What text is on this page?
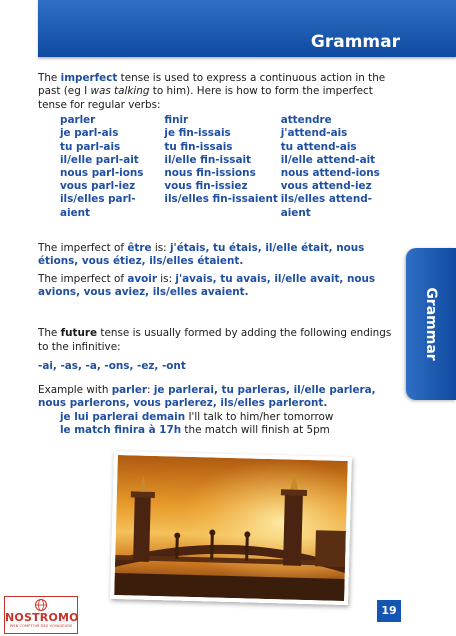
Grammar

The imperfect tense is used to express a continuous action in the past (eg I was talking to him). Here is how to form the imperfect tense for regular verbs:

parler
je parl-ais
tu parl-ais
il/elle parl-ait
nous parl-ions
vous parl-iez
ils/elles parl-aient
finir
je fin-issais
tu fin-issais
il/elle fin-issait
nous fin-issions
vous fin-issiez
ils/elles fin-issaient
attendre
j'attend-ais
tu attend-ais
il/elle attend-ait
nous attend-ions
vous attend-iez
ils/elles attend-aient

The imperfect of être is: j'étais, tu étais, il/elle était, nous étions, vous étiez, ils/elles étaient.

The imperfect of avoir is: j'avais, tu avais, il/elle avait, nous avions, vous aviez, ils/elles avaient.

The future tense is usually formed by adding the following endings to the infinitive:

-ai, -as, -a, -ons, -ez, -ont

Example with parler: je parlerai, tu parleras, il/elle parlera, nous parlerons, vous parlerez, ils/elles parleront.

je lui parlerai demain I'll talk to him/her tomorrow

le match finira à 17h the match will finish at 5pm

Grammar
19
NOSTROMO
WEB COMPTOIR DES VOYAGEURS
